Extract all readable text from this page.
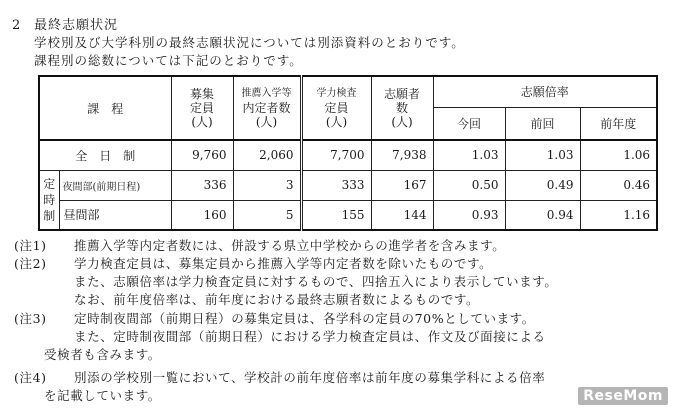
2 最終志願状況
学校別及び大学科別の最終志願状況については別添資料のとおりです。
課程別の総数については下記のとおりです。
課　程		募集
定員
(人)	推薦入学等
内定者数
(人)	学力検査
定員
(人)	志願者
数
(人)	志願倍率		
						今回	前回	前年度
全　日　制		9,760	2,060	7,700	7,938	1.03	1.03	1.06

定
時
制	夜間部(前期日程)	336	3	333	167	0.50	0.49	0.46
	昼間部	160	5	155	144	0.93	0.94	1.16
(注1) 推薦入学等内定者数には、併設する県立中学校からの進学者を含みます。
(注2) 学力検査定員は、募集定員から推薦入学等内定者数を除いたものです。
また、志願倍率は学力検査定員に対するもので、四捨五入により表示しています。
なお、前年度倍率は、前年度における最終志願者数によるものです。
(注3) 定時制夜間部（前期日程）の募集定員は、各学科の定員の70%としています。
また、定時制夜間部（前期日程）における学力検査定員は、作文及び面接による
受検者も含みます。
(注4) 別添の学校別一覧において、学校計の前年度倍率は前年度の募集学科による倍率
を記載しています。	ReseMom
